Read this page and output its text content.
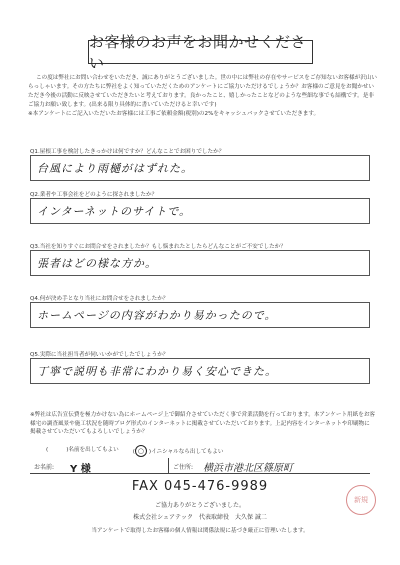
お客様のお声をお聞かせください

この度は弊社にお問い合わせをいただき、誠にありがとうございました。世の中には弊社の存在やサービスをご存知ないお客様が沢山いらっしゃいます。その方たちに弊社をよく知っていただくためのアンケートにご協力いただけるでしょうか？お客様のご意見をお聞かせいただき今後の活動に反映させていただきたいと考えております。良かったこと、嬉しかったことなどのような些細な事でも結構です。是非ご協力お願い致します。(出来る限り具体的に書いていただけると幸いです)

※本アンケートにご記入いただいたお客様には工事ご依頼金額(税別)の2%をキャッシュバックさせていただきます。

Q1.屋根工事を検討したきっかけは何ですか？どんなことでお困りでしたか？
台風により雨樋がはずれた。
Q2.業者や工事会社をどのように探されましたか？
インターネットのサイトで。
Q3.当社を知りすぐにお問合せをされましたか？もし悩まれたとしたらどんなことがご不安でしたか？
張者はどの様な方か。
Q4.何が決め手となり当社にお問合せをされましたか？
ホームページの内容がわかり易かったので。
Q5.実際に当社担当者が伺いいかがでしたでしょうか？
丁寧で説明も非常にわかり易く安心できた。
※弊社は広告宣伝費を極力かけない為にホームページ上で御紹介させていただく事で営業活動を行っております。本アンケート用紙をお客様宅の調査風景や施工状況を随時ブログ形式のインターネットに掲載させていただいております。上記内容をインターネットや印刷物に掲載させていただいてもよろしいでしょうか？
(	)名前を出してもよい	( ○ )イニシャルなら出してもよい
お名前:	Y 様	ご住所:	横浜市港北区篠原町
FAX 045-476-9989
ご協力ありがとうございました。
株式会社シェアテック　代表取締役　大久保 誠二
当アンケートで取得したお客様の個人情報は関係法規に基づき厳正に管理いたします。
新規
